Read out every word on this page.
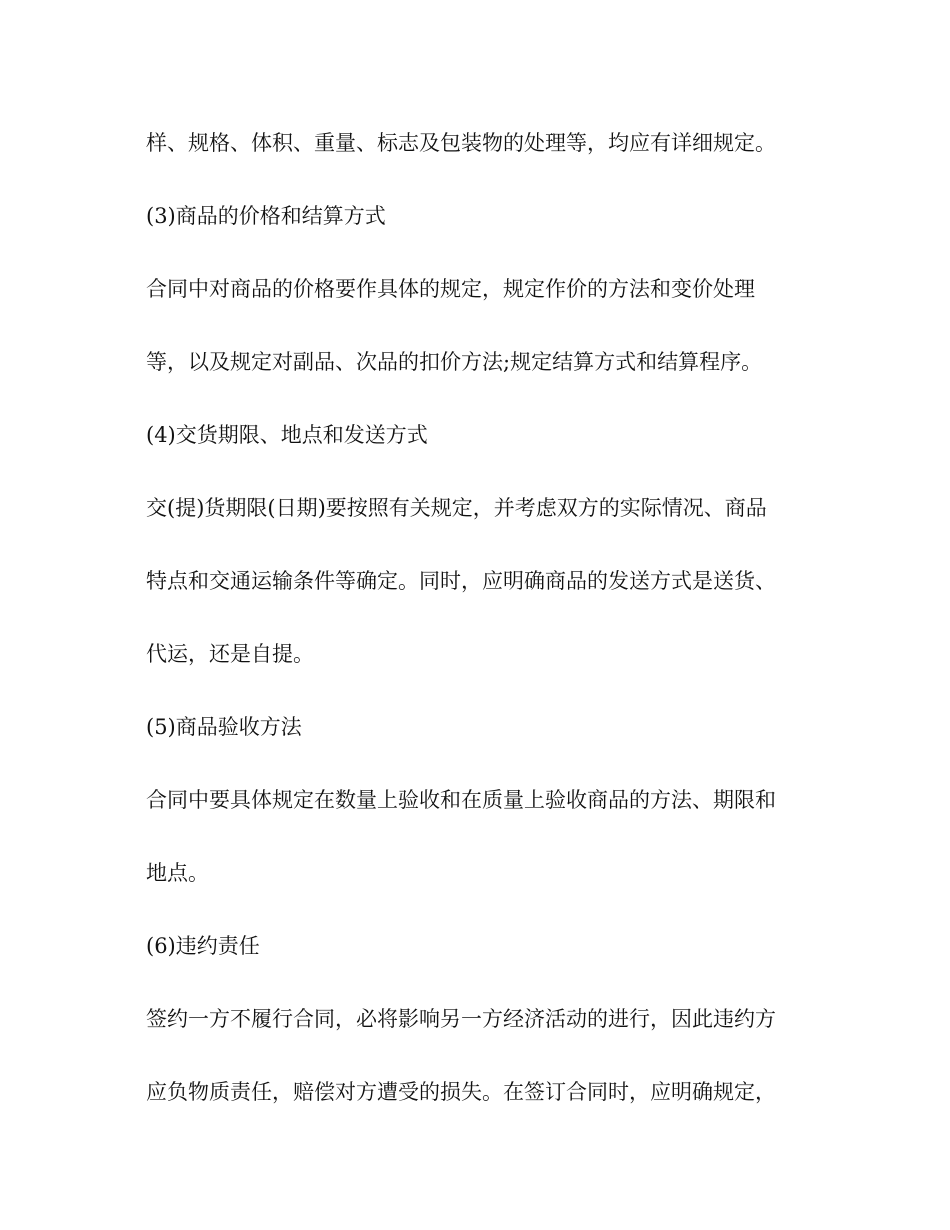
样、规格、体积、重量、标志及包装物的处理等，均应有详细规定。

(3)商品的价格和结算方式

合同中对商品的价格要作具体的规定，规定作价的方法和变价处理

等，以及规定对副品、次品的扣价方法;规定结算方式和结算程序。

(4)交货期限、地点和发送方式

交(提)货期限(日期)要按照有关规定，并考虑双方的实际情况、商品

特点和交通运输条件等确定。同时，应明确商品的发送方式是送货、

代运，还是自提。

(5)商品验收方法

合同中要具体规定在数量上验收和在质量上验收商品的方法、期限和

地点。

(6)违约责任

签约一方不履行合同，必将影响另一方经济活动的进行，因此违约方

应负物质责任，赔偿对方遭受的损失。在签订合同时，应明确规定，
